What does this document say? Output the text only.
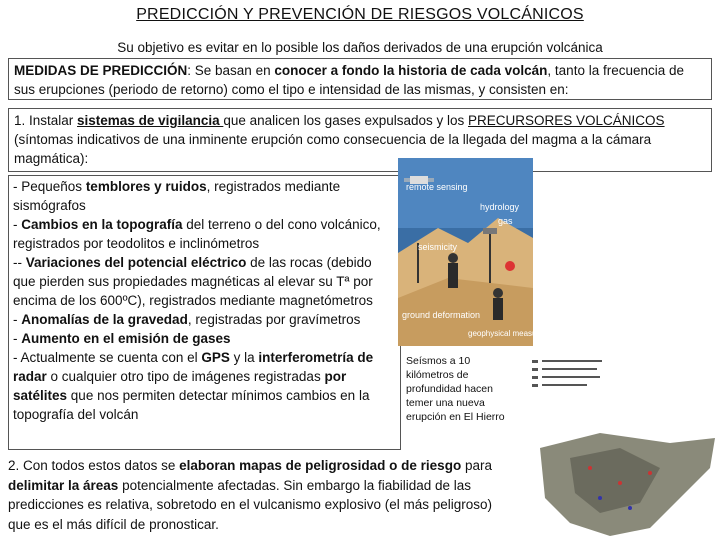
PREDICCIÓN Y PREVENCIÓN DE RIESGOS VOLCÁNICOS
Su objetivo es evitar en lo posible los daños derivados de una erupción volcánica
MEDIDAS DE PREDICCIÓN: Se basan en conocer a fondo la historia de cada volcán, tanto la frecuencia de sus erupciones (periodo de retorno) como el tipo e intensidad de las mismas, y consisten en:
1. Instalar sistemas de vigilancia que analicen los gases expulsados y los PRECURSORES VOLCÁNICOS (síntomas indicativos de una inminente erupción como consecuencia de la llegada del magma a la cámara magmática):

- Pequeños temblores y ruidos, registrados mediante sismógrafos

- Cambios en la topografía del terreno o del cono volcánico, registrados por teodolitos e inclinómetros

-- Variaciones del potencial eléctrico de las rocas (debido que pierden sus propiedades magnéticas al elevar su Tª por encima de los 600ºC), registrados mediante magnetómetros

- Anomalías de la gravedad, registradas por gravímetros

- Aumento en el emisión de gases

- Actualmente se cuenta con el GPS y la interferometría de radar o cualquier otro tipo de imágenes registradas por satélites que nos permiten detectar mínimos cambios en la topografía del volcán

remote sensing
hydrology
gas
seismicity
ground deformation
geophysical measurements
Seísmos a 10 kilómetros de profundidad hacen temer una nueva erupción en El Hierro
2. Con todos estos datos se elaboran mapas de peligrosidad o de riesgo para delimitar la áreas potencialmente afectadas. Sin embargo la fiabilidad de las predicciones es relativa, sobretodo en el vulcanismo explosivo (el más peligroso) que es el más difícil de pronosticar.
